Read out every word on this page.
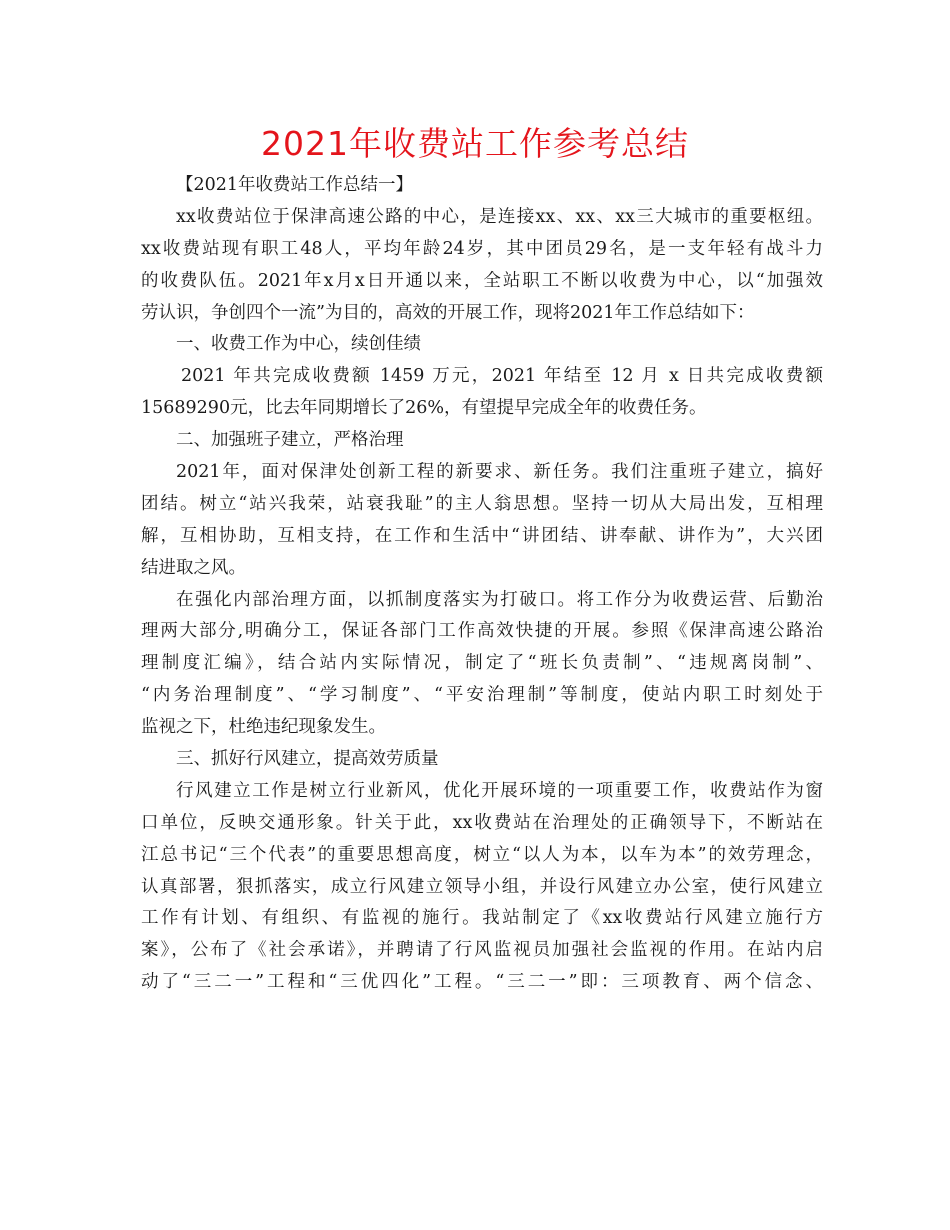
2021年收费站工作参考总结
【2021年收费站工作总结一】
xx收费站位于保津高速公路的中心，是连接xx、xx、xx三大城市的重要枢纽。
xx收费站现有职工48人，平均年龄24岁，其中团员29名，是一支年轻有战斗力
的收费队伍。2021年x月x日开通以来，全站职工不断以收费为中心，以“加强效
劳认识，争创四个一流”为目的，高效的开展工作，现将2021年工作总结如下：
一、收费工作为中心，续创佳绩
2021 年共完成收费额 1459 万元，2021 年结至 12 月 x 日共完成收费额
15689290元，比去年同期增长了26%，有望提早完成全年的收费任务。
二、加强班子建立，严格治理
2021年，面对保津处创新工程的新要求、新任务。我们注重班子建立，搞好
团结。树立“站兴我荣，站衰我耻”的主人翁思想。坚持一切从大局出发，互相理
解，互相协助，互相支持，在工作和生活中“讲团结、讲奉献、讲作为”，大兴团
结进取之风。
在强化内部治理方面，以抓制度落实为打破口。将工作分为收费运营、后勤治
理两大部分,明确分工，保证各部门工作高效快捷的开展。参照《保津高速公路治
理制度汇编》，结合站内实际情况，制定了“班长负责制”、“违规离岗制”、
“内务治理制度”、“学习制度”、“平安治理制”等制度，使站内职工时刻处于
监视之下，杜绝违纪现象发生。
三、抓好行风建立，提高效劳质量
行风建立工作是树立行业新风，优化开展环境的一项重要工作，收费站作为窗
口单位，反映交通形象。针关于此，xx收费站在治理处的正确领导下，不断站在
江总书记“三个代表”的重要思想高度，树立“以人为本，以车为本”的效劳理念，
认真部署，狠抓落实，成立行风建立领导小组，并设行风建立办公室，使行风建立
工作有计划、有组织、有监视的施行。我站制定了《xx收费站行风建立施行方
案》，公布了《社会承诺》，并聘请了行风监视员加强社会监视的作用。在站内启
动了“三二一”工程和“三优四化”工程。“三二一”即：三项教育、两个信念、
